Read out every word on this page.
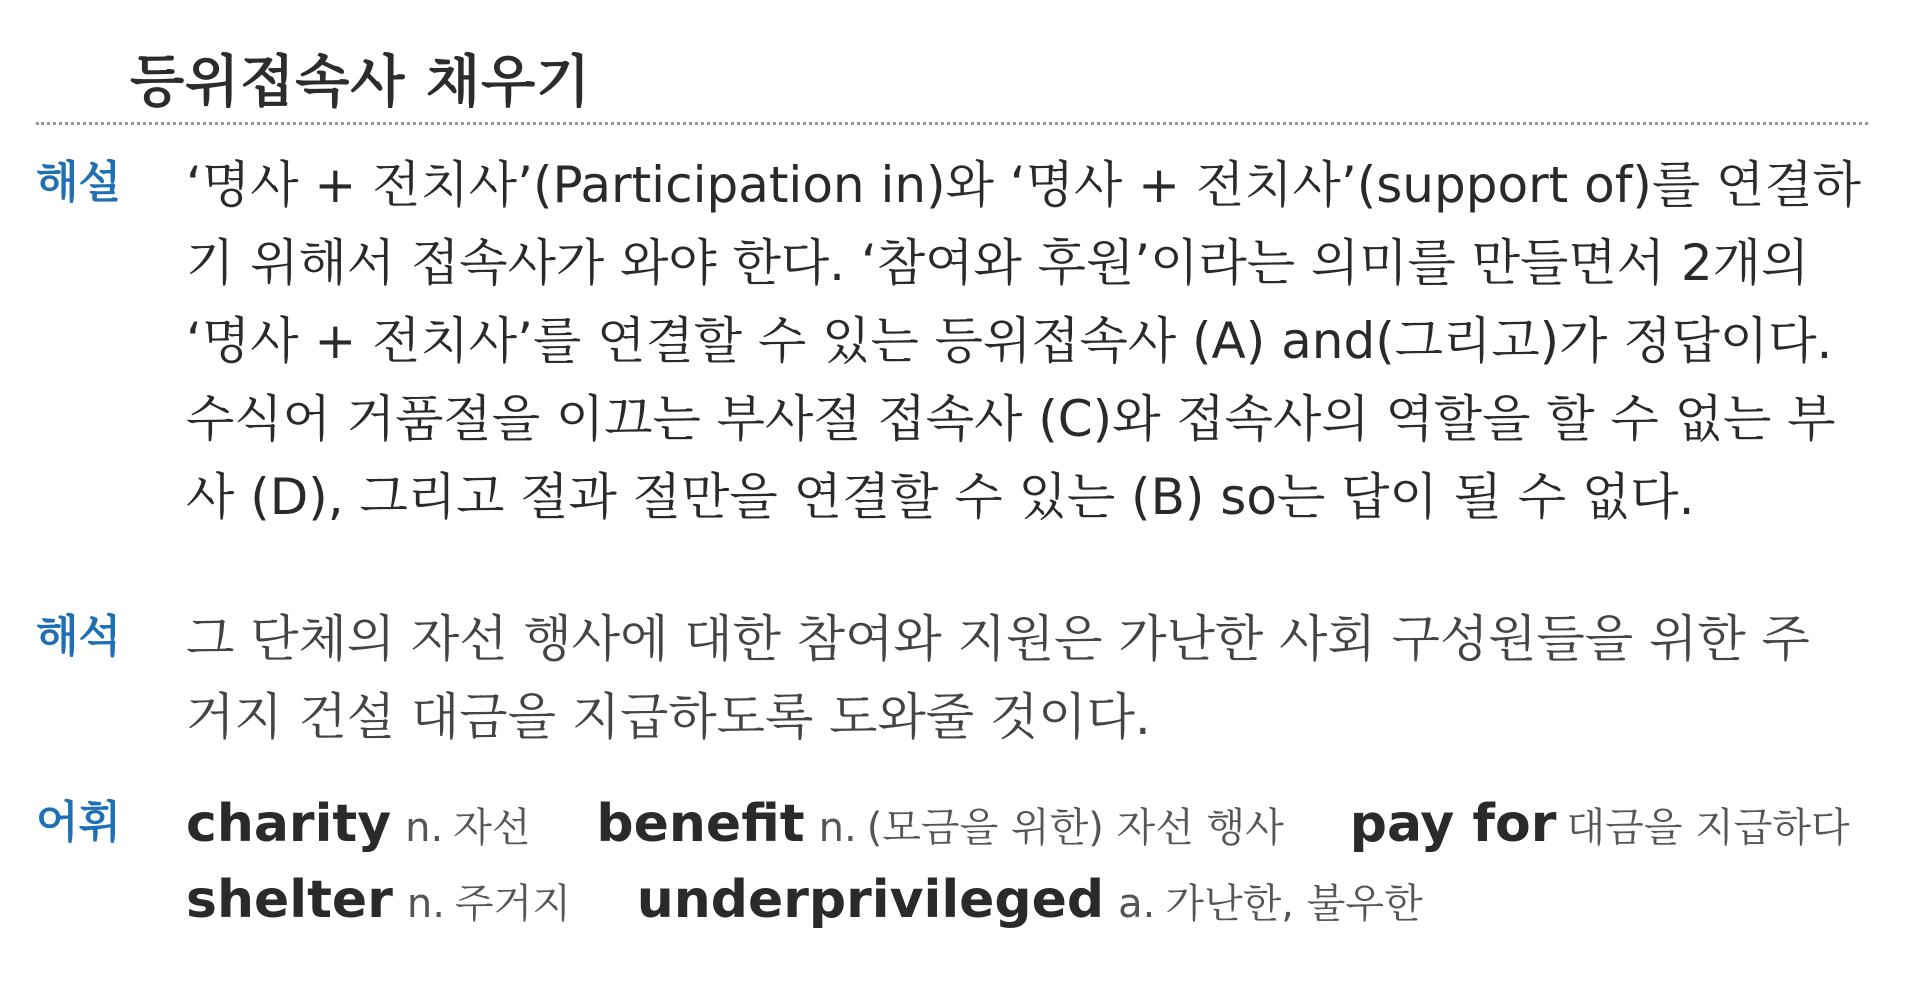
등위접속사 채우기
해설 ‘명사 + 전치사’(Participation in)와 ‘명사 + 전치사’(support of)를 연결하
기 위해서 접속사가 와야 한다. ‘참여와 후원’이라는 의미를 만들면서 2개의
‘명사 + 전치사’를 연결할 수 있는 등위접속사 (A) and(그리고)가 정답이다.
수식어 거품절을 이끄는 부사절 접속사 (C)와 접속사의 역할을 할 수 없는 부
사 (D), 그리고 절과 절만을 연결할 수 있는 (B) so는 답이 될 수 없다.
해석 그 단체의 자선 행사에 대한 참여와 지원은 가난한 사회 구성원들을 위한 주
거지 건설 대금을 지급하도록 도와줄 것이다.
어휘 charity n. 자선 benefit n. (모금을 위한) 자선 행사 pay for 대금을 지급하다
shelter n. 주거지 underprivileged a. 가난한, 불우한
